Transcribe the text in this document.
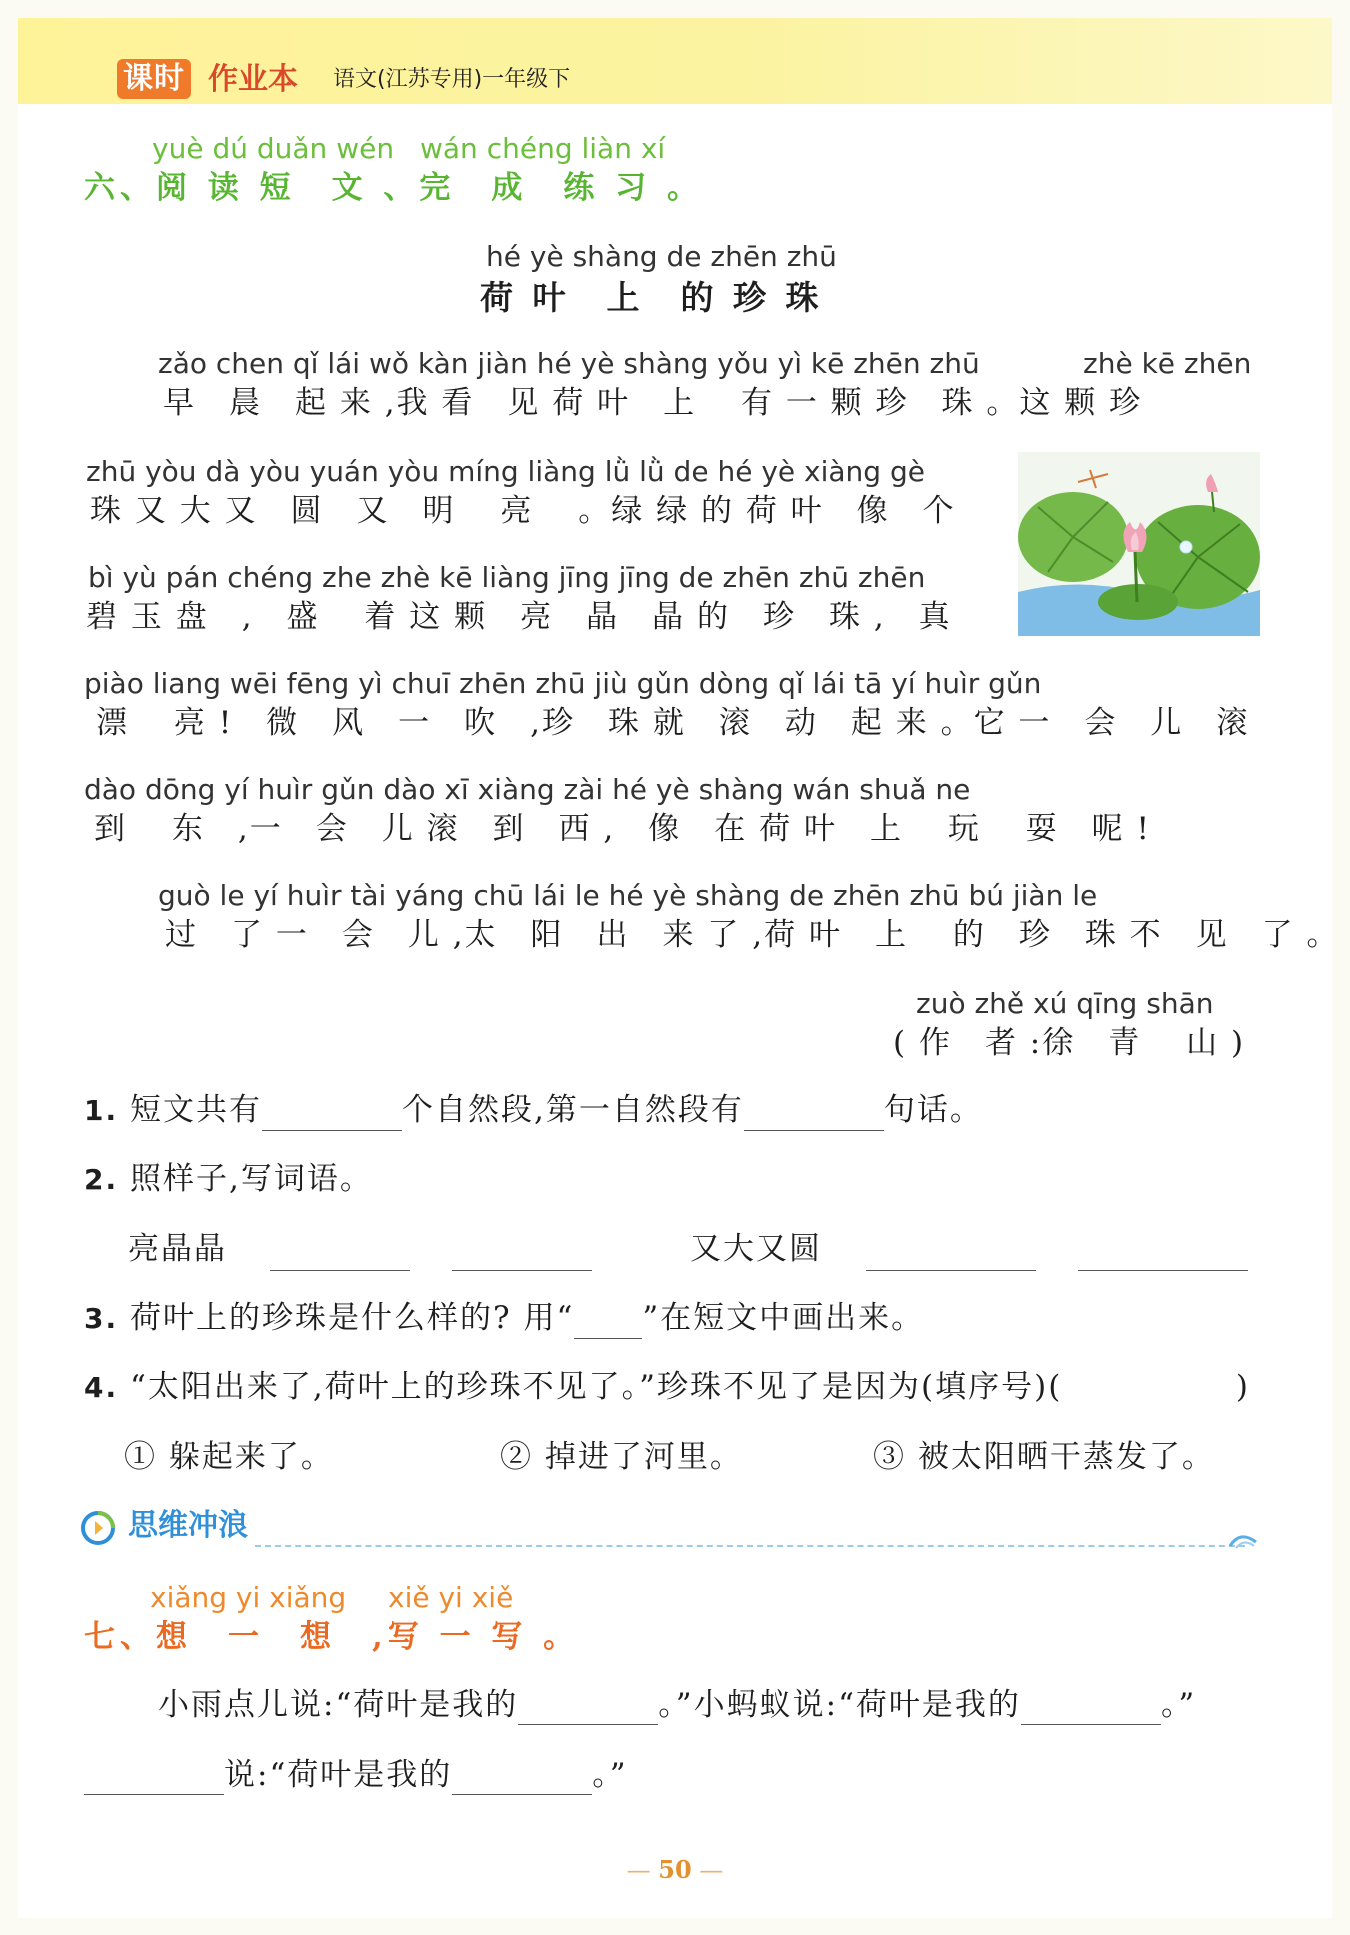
课时 作业本 语文(江苏专用)一年级下
yuè dú duǎn wén wán chéng liàn xí
六、阅 读 短　文 、完　成　练 习 。
hé yè shàng de zhēn zhū
荷 叶　上　的 珍 珠
zǎo chen qǐ lái wǒ kàn jiàn hé yè shàng yǒu yì kē zhēn zhū	zhè kē zhēn
早　晨　起 来 ,我 看　见 荷 叶　上　 有 一 颗 珍　珠 。这 颗 珍
zhū yòu dà yòu yuán yòu míng liàng lǜ lǜ de hé yè xiàng gè
珠 又 大 又　圆　又　明　 亮　 。绿 绿 的 荷 叶　像　个
bì yù pán chéng zhe zhè kē liàng jīng jīng de zhēn zhū zhēn
碧 玉 盘　,　盛　 着 这 颗　亮　晶　晶 的　珍　珠 ,　真
piào liang wēi fēng yì chuī zhēn zhū jiù gǔn dòng qǐ lái tā yí huìr gǔn
漂　 亮 !　微　风　一　吹　,珍　珠 就　滚　动　起 来 。它 一　会　儿　滚
dào dōng yí huìr gǔn dào xī xiàng zài hé yè shàng wán shuǎ ne
到　 东　,一　会　儿 滚　到　西 ,　像　在 荷 叶　上　 玩　 耍　呢 !
guò le yí huìr tài yáng chū lái le hé yè shàng de zhēn zhū bú jiàn le
过　了 一　会　儿 ,太　阳　出　来 了 ,荷 叶　上　 的　珍　珠 不　见　了 。
zuò zhě xú qīng shān
( 作　者 :徐　青　 山 )
1. 短文共有	个自然段,第一自然段有	句话。
2. 照样子,写词语。
亮晶晶	又大又圆
3. 荷叶上的珍珠是什么样的? 用“ ”在短文中画出来。
4. “太阳出来了,荷叶上的珍珠不见了。”珍珠不见了是因为(填序号)(	)
① 躲起来了。	② 掉进了河里。	③ 被太阳晒干蒸发了。
思维冲浪
xiǎng yi xiǎng xiě yi xiě
七、想　一　想　,写 一 写 。
小雨点儿说:“荷叶是我的	。”小蚂蚁说:“荷叶是我的	。”
说:“荷叶是我的	。”
— 50 —
